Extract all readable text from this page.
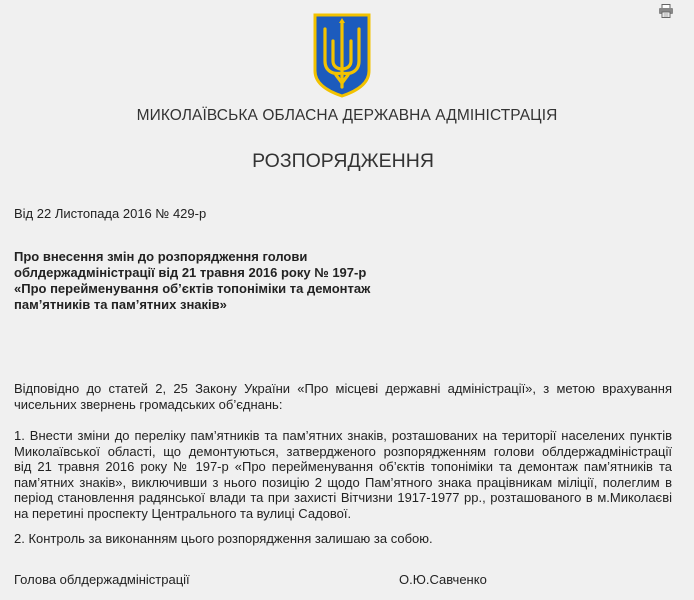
МИКОЛАЇВСЬКА ОБЛАСНА ДЕРЖАВНА АДМІНІСТРАЦІЯ
РОЗПОРЯДЖЕННЯ
Від 22 Листопада 2016 № 429-р
Про внесення змін до розпорядження голови
облдержадміністрації від 21 травня 2016 року № 197-р
«Про перейменування об’єктів топоніміки та демонтаж
пам’ятників та пам’ятних знаків»
Відповідно до статей 2, 25 Закону України «Про місцеві державні адміністрації», з метою врахування
чисельних звернень громадських об’єднань:
1. Внести зміни до переліку пам’ятників та пам’ятних знаків, розташованих на території населених пунктів
Миколаївської області, що демонтуються, затвердженого розпорядженням голови облдержадміністрації
від 21 травня 2016 року № 197-р «Про перейменування об’єктів топоніміки та демонтаж пам’ятників та
пам’ятних знаків», виключивши з нього позицію 2 щодо Пам’ятного знака працівникам міліції, полеглим в
період становлення радянської влади та при захисті Вітчизни 1917-1977 рр., розташованого в м.Миколаєві
на перетині проспекту Центрального та вулиці Садової.
2. Контроль за виконанням цього розпорядження залишаю за собою.
Голова облдержадміністрації	О.Ю.Савченко
